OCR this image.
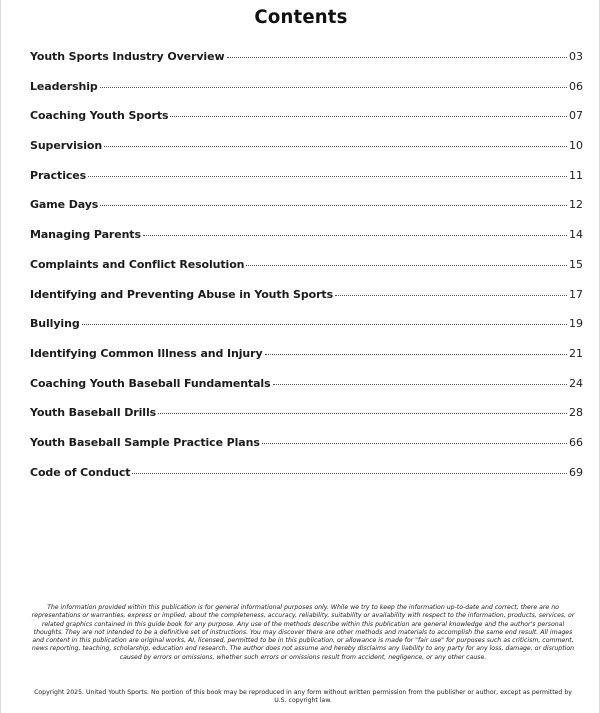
Contents
Youth Sports Industry Overview	03
Leadership	06
Coaching Youth Sports	07
Supervision	10
Practices	11
Game Days	12
Managing Parents	14
Complaints and Conflict Resolution	15
Identifying and Preventing Abuse in Youth Sports	17
Bullying	19
Identifying Common Illness and Injury	21
Coaching Youth Baseball Fundamentals	24
Youth Baseball Drills	28
Youth Baseball Sample Practice Plans	66
Code of Conduct	69

The information provided within this publication is for general informational purposes only. While we try to keep the information up-to-date and correct, there are no representations or warranties, express or implied, about the completeness, accuracy, reliability, suitability or availability with respect to the information, products, services, or related graphics contained in this guide book for any purpose. Any use of the methods describe within this publication are general knowledge and the author's personal thoughts. They are not intended to be a definitive set of instructions. You may discover there are other methods and materials to accomplish the same end result. All images and content in this publication are original works, AI, licensed, permitted to be in this publication, or allowance is made for "fair use" for purposes such as criticism, comment, news reporting, teaching, scholarship, education and research. The author does not assume and hereby disclaims any liability to any party for any loss, damage, or disruption caused by errors or omissions, whether such errors or omissions result from accident, negligence, or any other cause.

Copyright 2025. United Youth Sports. No portion of this book may be reproduced in any form without written permission from the publisher or author, except as permitted by U.S. copyright law.
